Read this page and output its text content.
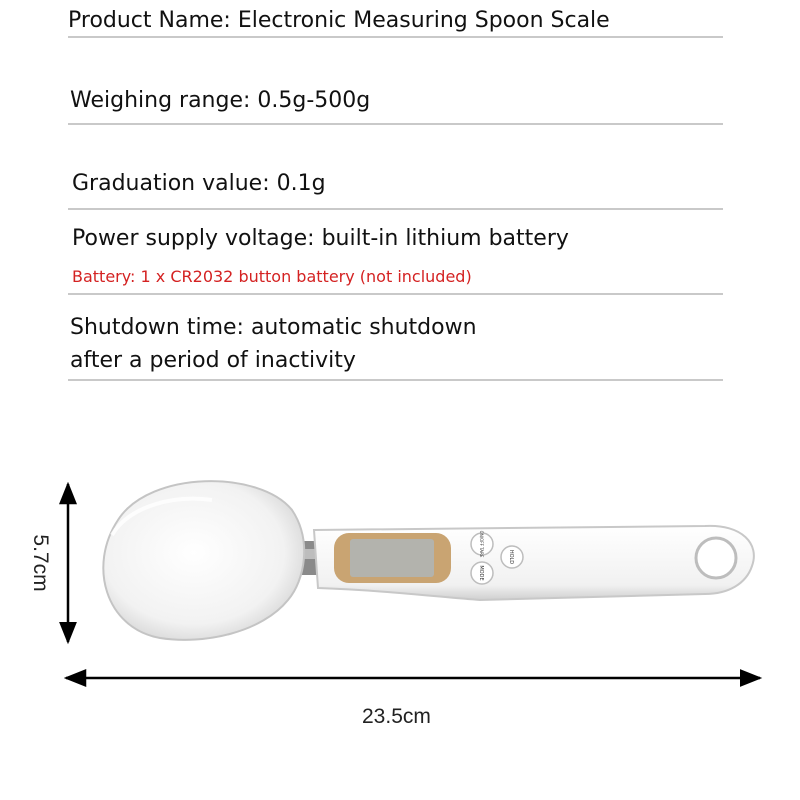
Product Name: Electronic Measuring Spoon Scale
Weighing range: 0.5g-500g
Graduation value: 0.1g
Power supply voltage: built-in lithium battery
Battery: 1 x CR2032 button battery (not included)
Shutdown time: automatic shutdown
after a period of inactivity
5.7cm	ON/OFF TARE	HOLD
MODE
23.5cm
